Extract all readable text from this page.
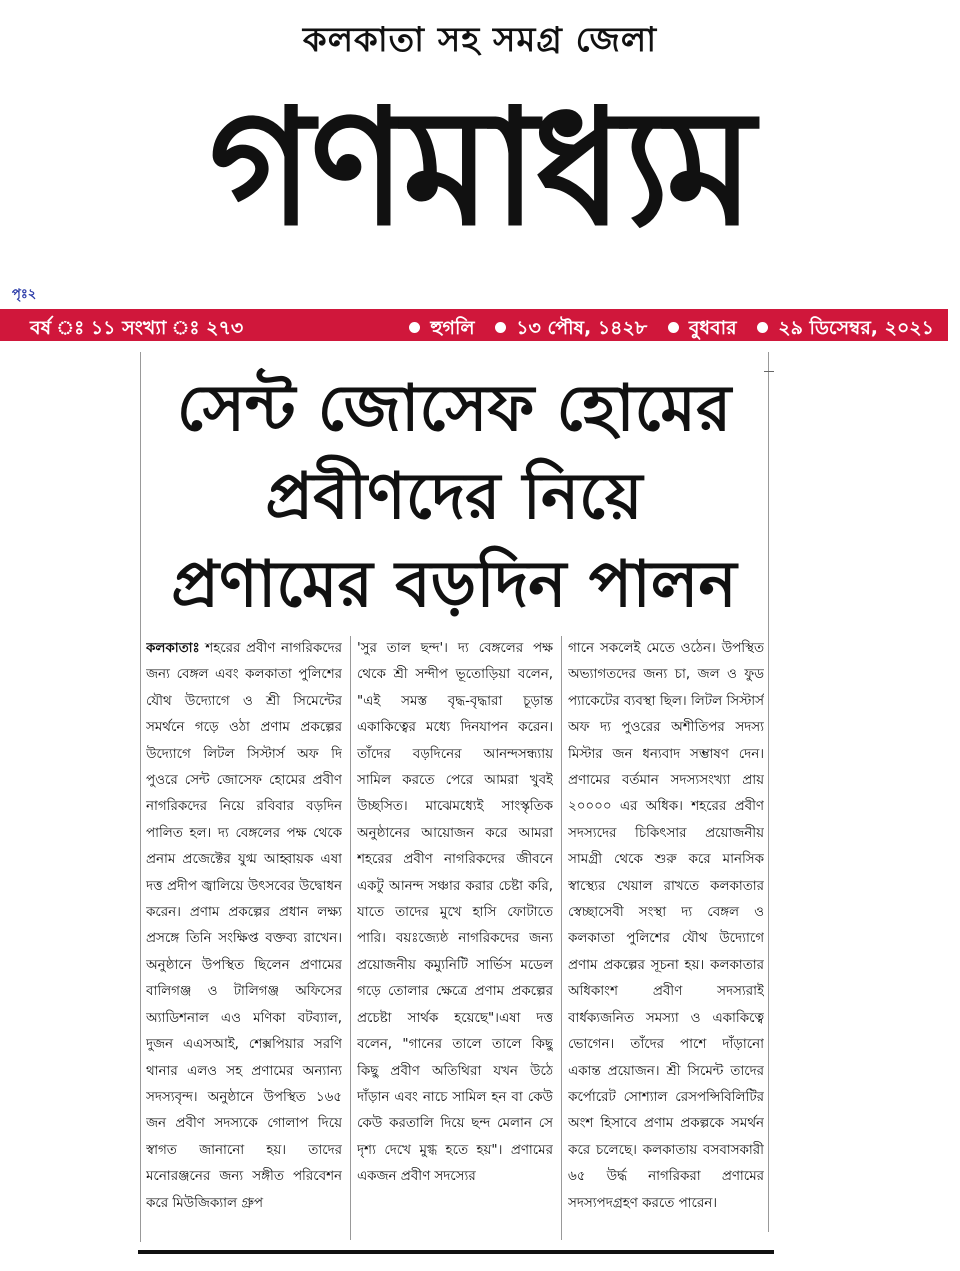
কলকাতা সহ সমগ্র জেলা
গণমাধ্যম
পৃঃ২
বর্ষ ঃ ১১ সংখ্যা ঃ ২৭৩	হুগলি ১৩ পৌষ, ১৪২৮ বুধবার ২৯ ডিসেম্বর, ২০২১
সেন্ট জোসেফ হোমের
প্রবীণদের নিয়ে
প্রণামের বড়দিন পালন
কলকাতাঃ শহরের প্রবীণ নাগরিকদের জন্য বেঙ্গল এবং কলকাতা পুলিশের যৌথ উদ্যোগে ও শ্রী সিমেন্টের সমর্থনে গড়ে ওঠা প্রণাম প্রকল্পের উদ্যোগে লিটল সিস্টার্স অফ দি পুওরে সেন্ট জোসেফ হোমের প্রবীণ নাগরিকদের নিয়ে রবিবার বড়দিন পালিত হল। দ্য বেঙ্গলের পক্ষ থেকে প্রনাম প্রজেক্টের যুগ্ম আহ্বায়ক এষা দত্ত প্রদীপ জ্বালিয়ে উৎসবের উদ্বোধন করেন। প্রণাম প্রকল্পের প্রধান লক্ষ্য প্রসঙ্গে তিনি সংক্ষিপ্ত বক্তব্য রাখেন। অনুষ্ঠানে উপস্থিত ছিলেন প্রণামের বালিগঞ্জ ও টালিগঞ্জ অফিসের অ্যাডিশনাল এও মণিকা বটব্যাল, দুজন এএসআই, শেক্সপিয়ার সরণি থানার এলও সহ প্রণামের অন্যান্য সদস্যবৃন্দ। অনুষ্ঠানে উপস্থিত ১৬৫ জন প্রবীণ সদস্যকে গোলাপ দিয়ে স্বাগত জানানো হয়। তাদের মনোরঞ্জনের জন্য সঙ্গীত পরিবেশন করে মিউজিক্যাল গ্রুপ
'সুর তাল ছন্দ'। দ্য বেঙ্গলের পক্ষ থেকে শ্রী সন্দীপ ভূতোড়িয়া বলেন, "এই সমস্ত বৃদ্ধ-বৃদ্ধারা চূড়ান্ত একাকিত্বের মধ্যে দিনযাপন করেন। তাঁদের বড়দিনের আনন্দসন্ধ্যায় সামিল করতে পেরে আমরা খুবই উচ্ছসিত। মাঝেমধ্যেই সাংস্কৃতিক অনুষ্ঠানের আয়োজন করে আমরা শহরের প্রবীণ নাগরিকদের জীবনে একটু আনন্দ সঞ্চার করার চেষ্টা করি, যাতে তাদের মুখে হাসি ফোটাতে পারি। বয়ঃজ্যেষ্ঠ নাগরিকদের জন্য প্রয়োজনীয় কম্যুনিটি সার্ভিস মডেল গড়ে তোলার ক্ষেত্রে প্রণাম প্রকল্পের প্রচেষ্টা সার্থক হয়েছে"।এষা দত্ত বলেন, "গানের তালে তালে কিছু কিছু প্রবীণ অতিথিরা যখন উঠে দাঁড়ান এবং নাচে সামিল হন বা কেউ কেউ করতালি দিয়ে ছন্দ মেলান সে দৃশ্য দেখে মুগ্ধ হতে হয়"। প্রণামের একজন প্রবীণ সদস্যের
গানে সকলেই মেতে ওঠেন। উপস্থিত অভ্যাগতদের জন্য চা, জল ও ফুড প্যাকেটের ব্যবস্থা ছিল। লিটল সিস্টার্স অফ দ্য পুওরের অশীতিপর সদস্য মিস্টার জন ধন্যবাদ সম্ভাষণ দেন। প্রণামের বর্তমান সদস্যসংখ্যা প্রায় ২০০০০ এর অধিক। শহরের প্রবীণ সদস্যদের চিকিৎসার প্রয়োজনীয় সামগ্রী থেকে শুরু করে মানসিক স্বাস্থ্যের খেয়াল রাখতে কলকাতার স্বেচ্ছাসেবী সংস্থা দ্য বেঙ্গল ও কলকাতা পুলিশের যৌথ উদ্যোগে প্রণাম প্রকল্পের সূচনা হয়। কলকাতার অধিকাংশ প্রবীণ সদস্যরাই বার্ধক্যজনিত সমস্যা ও একাকিত্বে ভোগেন। তাঁদের পাশে দাঁড়ানো একান্ত প্রয়োজন। শ্রী সিমেন্ট তাদের কর্পোরেট সোশ্যাল রেসপন্সিবিলিটির অংশ হিসাবে প্রণাম প্রকল্পকে সমর্থন করে চলেছে। কলকাতায় বসবাসকারী ৬৫ উর্দ্ধ নাগরিকরা প্রণামের সদস্যপদগ্রহণ করতে পারেন।
